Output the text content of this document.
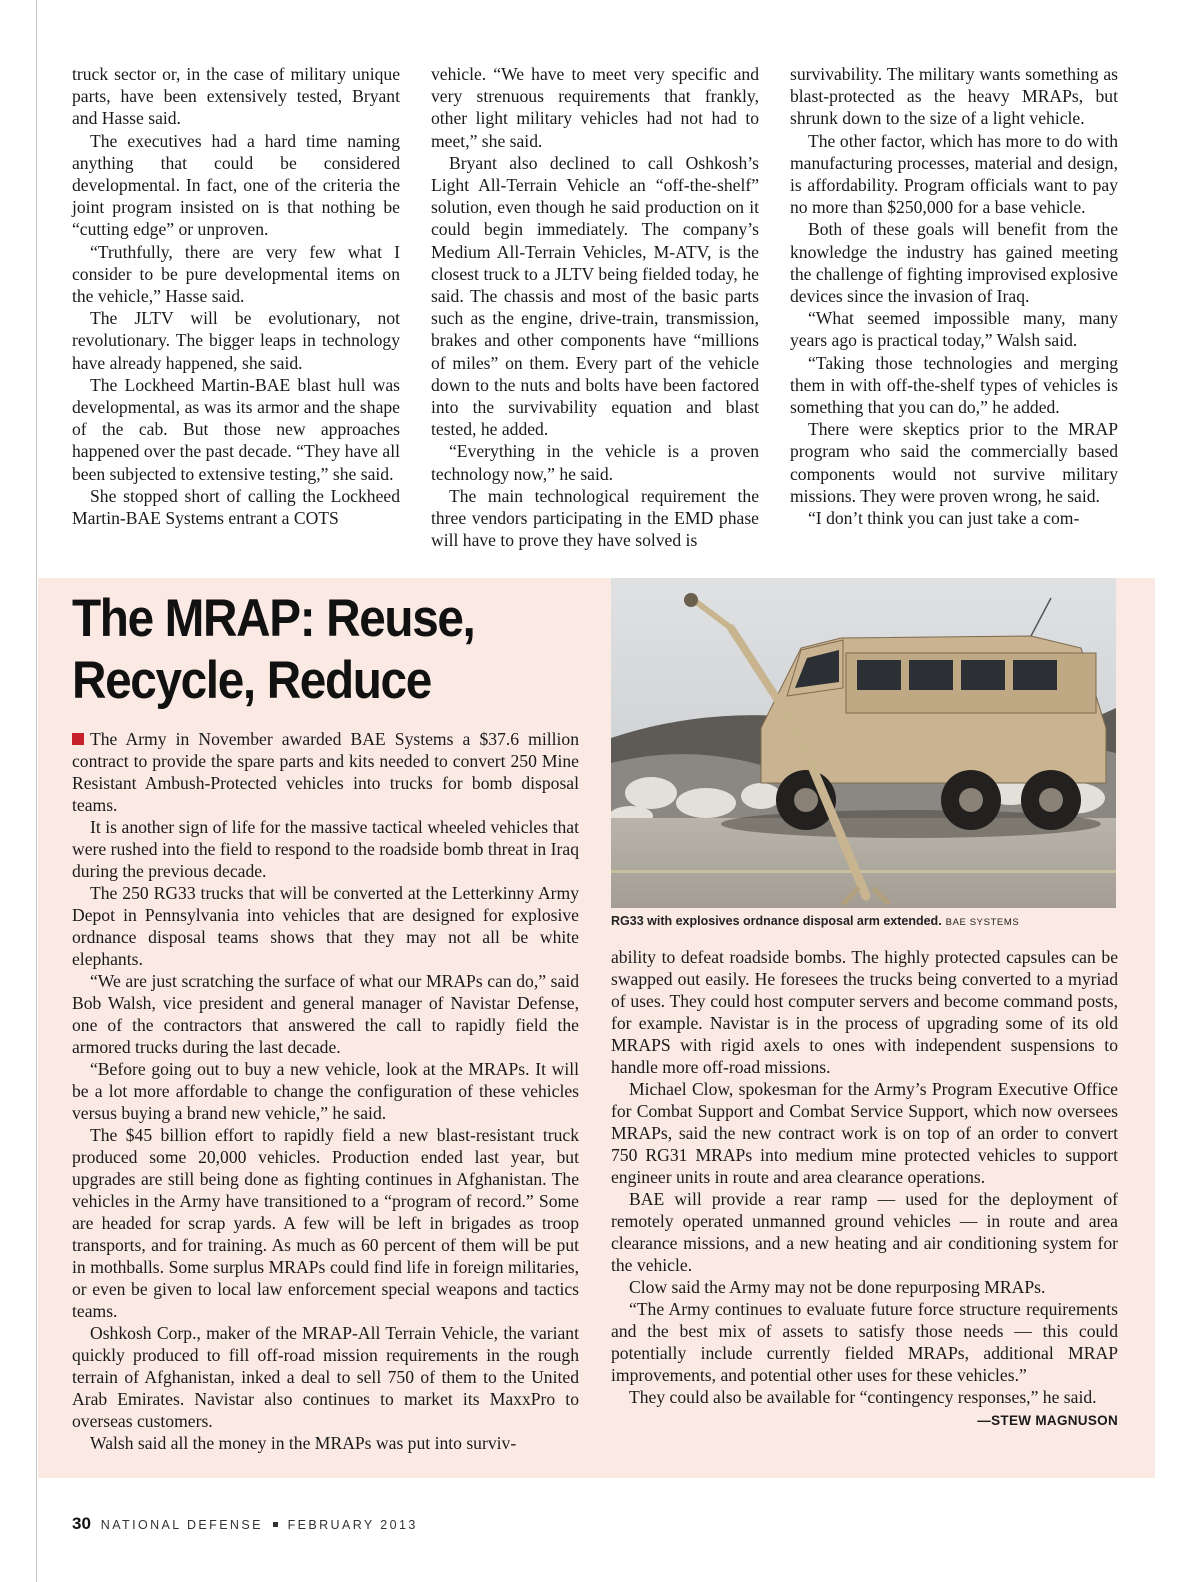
truck sector or, in the case of military unique parts, have been extensively tested, Bryant and Hasse said.

The executives had a hard time naming anything that could be considered developmental. In fact, one of the criteria the joint program insisted on is that nothing be “cutting edge” or unproven.

“Truthfully, there are very few what I consider to be pure developmental items on the vehicle,” Hasse said.

The JLTV will be evolutionary, not revolutionary. The bigger leaps in technology have already happened, she said.

The Lockheed Martin-BAE blast hull was developmental, as was its armor and the shape of the cab. But those new approaches happened over the past decade. “They have all been subjected to extensive testing,” she said.

She stopped short of calling the Lockheed Martin-BAE Systems entrant a COTS

vehicle. “We have to meet very specific and very strenuous requirements that frankly, other light military vehicles had not had to meet,” she said.

Bryant also declined to call Oshkosh’s Light All-Terrain Vehicle an “off-the-shelf” solution, even though he said production on it could begin immediately. The company’s Medium All-Terrain Vehicles, M-ATV, is the closest truck to a JLTV being fielded today, he said. The chassis and most of the basic parts such as the engine, drive-train, transmission, brakes and other components have “millions of miles” on them. Every part of the vehicle down to the nuts and bolts have been factored into the survivability equation and blast tested, he added.

“Everything in the vehicle is a proven technology now,” he said.

The main technological requirement the three vendors participating in the EMD phase will have to prove they have solved is

survivability. The military wants something as blast-protected as the heavy MRAPs, but shrunk down to the size of a light vehicle.

The other factor, which has more to do with manufacturing processes, material and design, is affordability. Program officials want to pay no more than $250,000 for a base vehicle.

Both of these goals will benefit from the knowledge the industry has gained meeting the challenge of fighting improvised explosive devices since the invasion of Iraq.

“What seemed impossible many, many years ago is practical today,” Walsh said.

“Taking those technologies and merging them in with off-the-shelf types of vehicles is something that you can do,” he added.

There were skeptics prior to the MRAP program who said the commercially based components would not survive military missions. They were proven wrong, he said.

“I don’t think you can just take a com-

The MRAP: Reuse, Recycle, Reduce
RG33 with explosives ordnance disposal arm extended. BAE SYSTEMS

The Army in November awarded BAE Systems a $37.6 million contract to provide the spare parts and kits needed to convert 250 Mine Resistant Ambush-Protected vehicles into trucks for bomb disposal teams.

It is another sign of life for the massive tactical wheeled vehicles that were rushed into the field to respond to the roadside bomb threat in Iraq during the previous decade.

The 250 RG33 trucks that will be converted at the Letterkinny Army Depot in Pennsylvania into vehicles that are designed for explosive ordnance disposal teams shows that they may not all be white elephants.

“We are just scratching the surface of what our MRAPs can do,” said Bob Walsh, vice president and general manager of Navistar Defense, one of the contractors that answered the call to rapidly field the armored trucks during the last decade.

“Before going out to buy a new vehicle, look at the MRAPs. It will be a lot more affordable to change the configuration of these vehicles versus buying a brand new vehicle,” he said.

The $45 billion effort to rapidly field a new blast-resistant truck produced some 20,000 vehicles. Production ended last year, but upgrades are still being done as fighting continues in Afghanistan. The vehicles in the Army have transitioned to a “program of record.” Some are headed for scrap yards. A few will be left in brigades as troop transports, and for training. As much as 60 percent of them will be put in mothballs. Some surplus MRAPs could find life in foreign militaries, or even be given to local law enforcement special weapons and tactics teams.

Oshkosh Corp., maker of the MRAP-All Terrain Vehicle, the variant quickly produced to fill off-road mission requirements in the rough terrain of Afghanistan, inked a deal to sell 750 of them to the United Arab Emirates. Navistar also continues to market its MaxxPro to overseas customers.

Walsh said all the money in the MRAPs was put into surviv-

ability to defeat roadside bombs. The highly protected capsules can be swapped out easily. He foresees the trucks being converted to a myriad of uses. They could host computer servers and become command posts, for example. Navistar is in the process of upgrading some of its old MRAPS with rigid axels to ones with independent suspensions to handle more off-road missions.

Michael Clow, spokesman for the Army’s Program Executive Office for Combat Support and Combat Service Support, which now oversees MRAPs, said the new contract work is on top of an order to convert 750 RG31 MRAPs into medium mine protected vehicles to support engineer units in route and area clearance operations.

BAE will provide a rear ramp — used for the deployment of remotely operated unmanned ground vehicles — in route and area clearance missions, and a new heating and air conditioning system for the vehicle.

Clow said the Army may not be done repurposing MRAPs.

“The Army continues to evaluate future force structure requirements and the best mix of assets to satisfy those needs — this could potentially include currently fielded MRAPs, additional MRAP improvements, and potential other uses for these vehicles.”

They could also be available for “contingency responses,” he said.

—STEW MAGNUSON
30 NATIONAL DEFENSE FEBRUARY 2013
